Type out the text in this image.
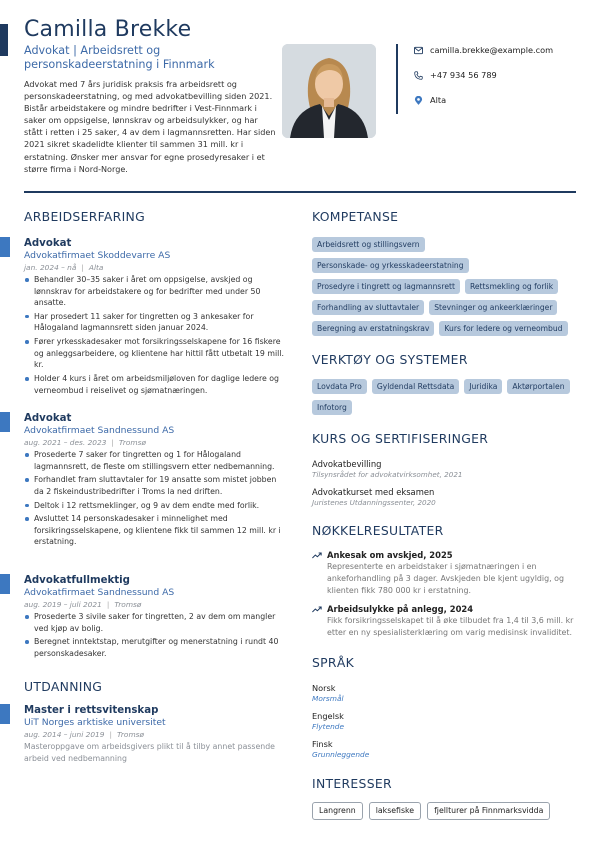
Camilla Brekke
Advokat | Arbeidsrett og personskadeerstatning i Finnmark
Advokat med 7 års juridisk praksis fra arbeidsrett og personskadeerstatning, og med advokatbevilling siden 2021. Bistår arbeidstakere og mindre bedrifter i Vest-Finnmark i saker om oppsigelse, lønnskrav og arbeidsulykker, og har stått i retten i 25 saker, 4 av dem i lagmannsretten. Har siden 2021 sikret skadelidte klienter til sammen 31 mill. kr i erstatning. Ønsker mer ansvar for egne prosedyresaker i et større firma i Nord-Norge.
camilla.brekke@example.com
+47 934 56 789
Alta
ARBEIDSERFARING
Advokat
Advokatfirmaet Skoddevarre AS
jan. 2024 – nå | Alta
Behandler 30–35 saker i året om oppsigelse, avskjed og lønnskrav for arbeidstakere og for bedrifter med under 50 ansatte.
Har prosedert 11 saker for tingretten og 3 ankesaker for Hålogaland lagmannsrett siden januar 2024.
Fører yrkesskadesaker mot forsikringsselskapene for 16 fiskere og anleggsarbeidere, og klientene har hittil fått utbetalt 19 mill. kr.
Holder 4 kurs i året om arbeidsmiljøloven for daglige ledere og verneombud i reiselivet og sjømatnæringen.
Advokat
Advokatfirmaet Sandnessund AS
aug. 2021 – des. 2023 | Tromsø
Prosederte 7 saker for tingretten og 1 for Hålogaland lagmannsrett, de fleste om stillingsvern etter nedbemanning.
Forhandlet fram sluttavtaler for 19 ansatte som mistet jobben da 2 fiskeindustribedrifter i Troms la ned driften.
Deltok i 12 rettsmeklinger, og 9 av dem endte med forlik.
Avsluttet 14 personskadesaker i minnelighet med forsikringsselskapene, og klientene fikk til sammen 12 mill. kr i erstatning.
Advokatfullmektig
Advokatfirmaet Sandnessund AS
aug. 2019 – juli 2021 | Tromsø
Prosederte 3 sivile saker for tingretten, 2 av dem om mangler ved kjøp av bolig.
Beregnet inntektstap, merutgifter og menerstatning i rundt 40 personskadesaker.
UTDANNING
Master i rettsvitenskap
UiT Norges arktiske universitet
aug. 2014 – juni 2019 | Tromsø
Masteroppgave om arbeidsgivers plikt til å tilby annet passende arbeid ved nedbemanning
KOMPETANSE
Arbeidsrett og stillingsvern
Personskade- og yrkesskadeerstatning
Prosedyre i tingrett og lagmannsrett	Rettsmekling og forlik
Forhandling av sluttavtaler	Stevninger og ankeerklæringer
Beregning av erstatningskrav	Kurs for ledere og verneombud
VERKTØY OG SYSTEMER
Lovdata Pro	Gyldendal Rettsdata	Juridika	Aktørportalen
Infotorg
KURS OG SERTIFISERINGER
Advokatbevilling
Tilsynsrådet for advokatvirksomhet, 2021
Advokatkurset med eksamen
Juristenes Utdanningssenter, 2020
NØKKELRESULTATER
Ankesak om avskjed, 2025
Representerte en arbeidstaker i sjømatnæringen i en ankeforhandling på 3 dager. Avskjeden ble kjent ugyldig, og klienten fikk 780 000 kr i erstatning.
Arbeidsulykke på anlegg, 2024
Fikk forsikringsselskapet til å øke tilbudet fra 1,4 til 3,6 mill. kr etter en ny spesialisterklæring om varig medisinsk invaliditet.
SPRÅK
Norsk
Morsmål
Engelsk
Flytende
Finsk
Grunnleggende
INTERESSER
Langrenn	laksefiske	fjellturer på Finnmarksvidda
